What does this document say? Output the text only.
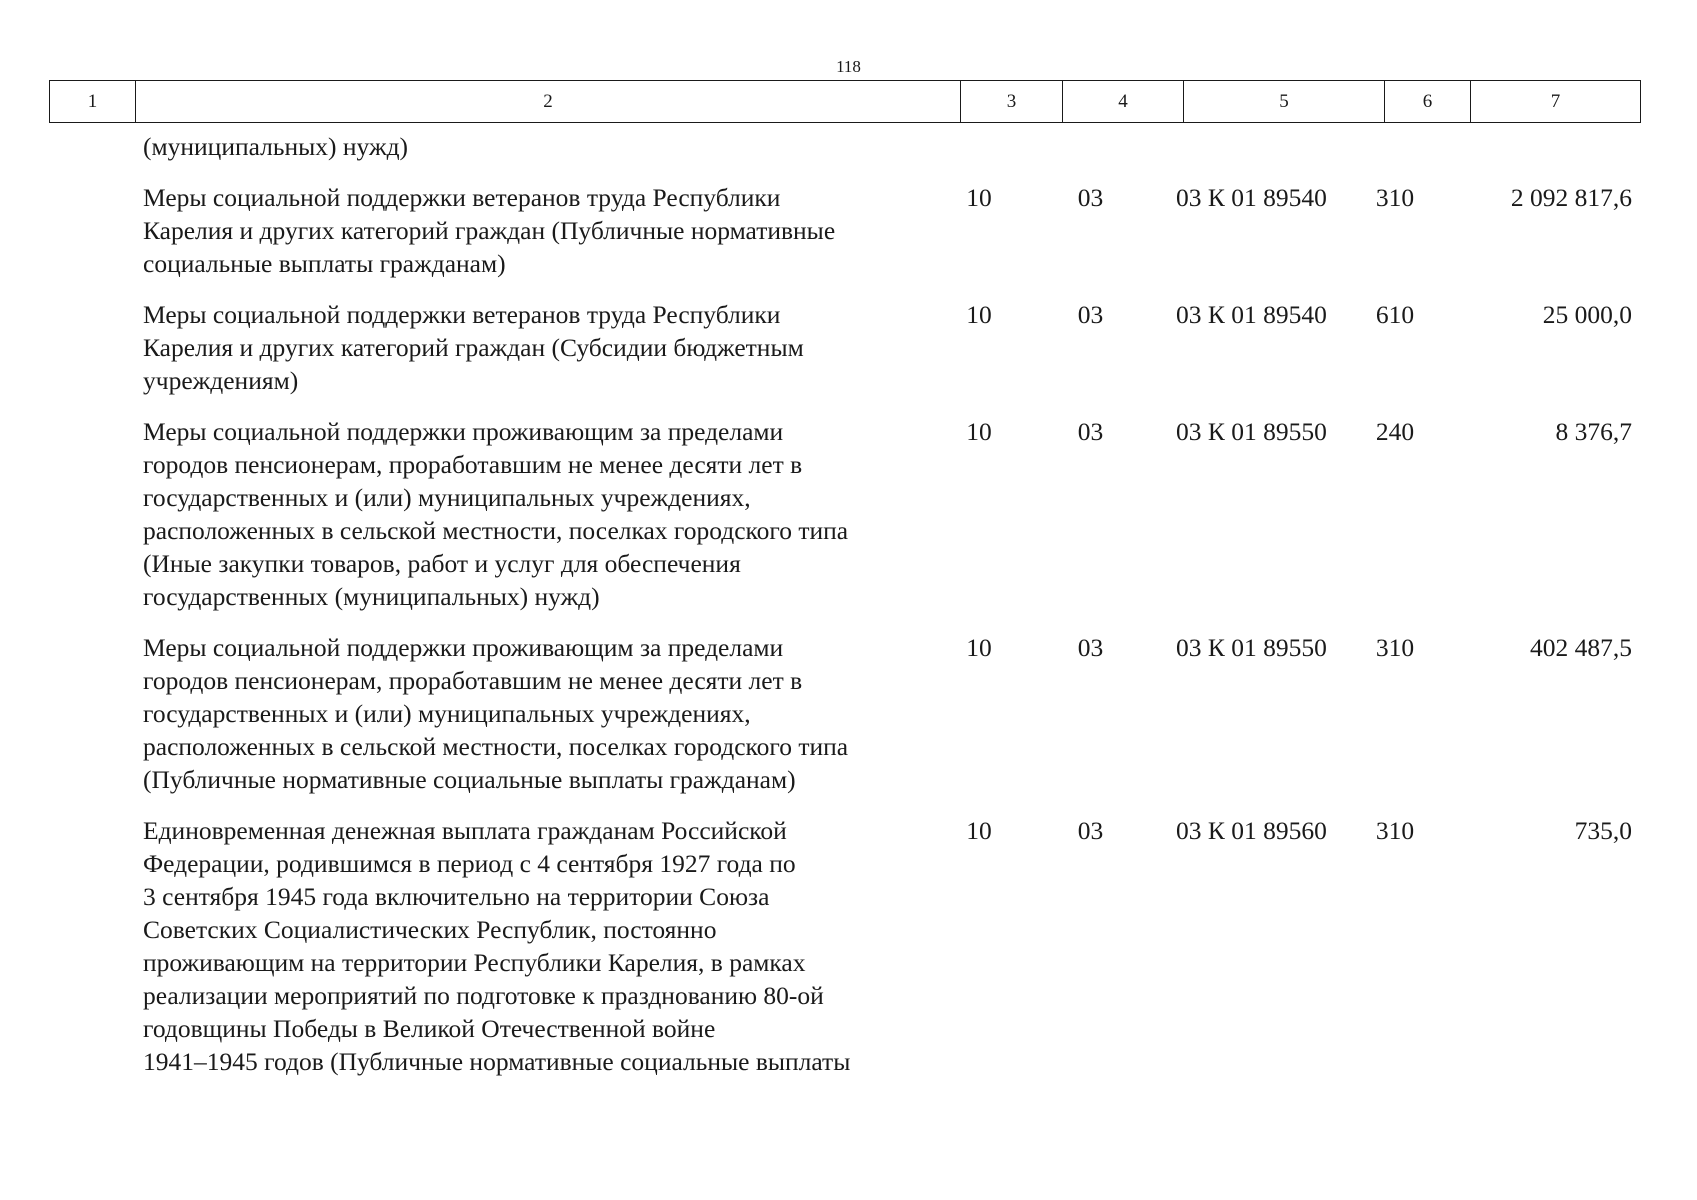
118
1	2	3	4	5	6	7
(муниципальных) нужд)
Меры социальной поддержки ветеранов труда Республики
Карелия и других категорий граждан (Публичные нормативные
социальные выплаты гражданам)
10	03	03 К 01 89540	310	2 092 817,6
Меры социальной поддержки ветеранов труда Республики
Карелия и других категорий граждан (Субсидии бюджетным
учреждениям)
10	03	03 К 01 89540	610	25 000,0
Меры социальной поддержки проживающим за пределами
городов пенсионерам, проработавшим не менее десяти лет в
государственных и (или) муниципальных учреждениях,
расположенных в сельской местности, поселках городского типа
(Иные закупки товаров, работ и услуг для обеспечения
государственных (муниципальных) нужд)
10	03	03 К 01 89550	240	8 376,7
Меры социальной поддержки проживающим за пределами
городов пенсионерам, проработавшим не менее десяти лет в
государственных и (или) муниципальных учреждениях,
расположенных в сельской местности, поселках городского типа
(Публичные нормативные социальные выплаты гражданам)
10	03	03 К 01 89550	310	402 487,5
Единовременная денежная выплата гражданам Российской
Федерации, родившимся в период с 4 сентября 1927 года по
3 сентября 1945 года включительно на территории Союза
Советских Социалистических Республик, постоянно
проживающим на территории Республики Карелия, в рамках
реализации мероприятий по подготовке к празднованию 80-ой
годовщины Победы в Великой Отечественной войне
1941–1945 годов (Публичные нормативные социальные выплаты
10	03	03 К 01 89560	310	735,0
